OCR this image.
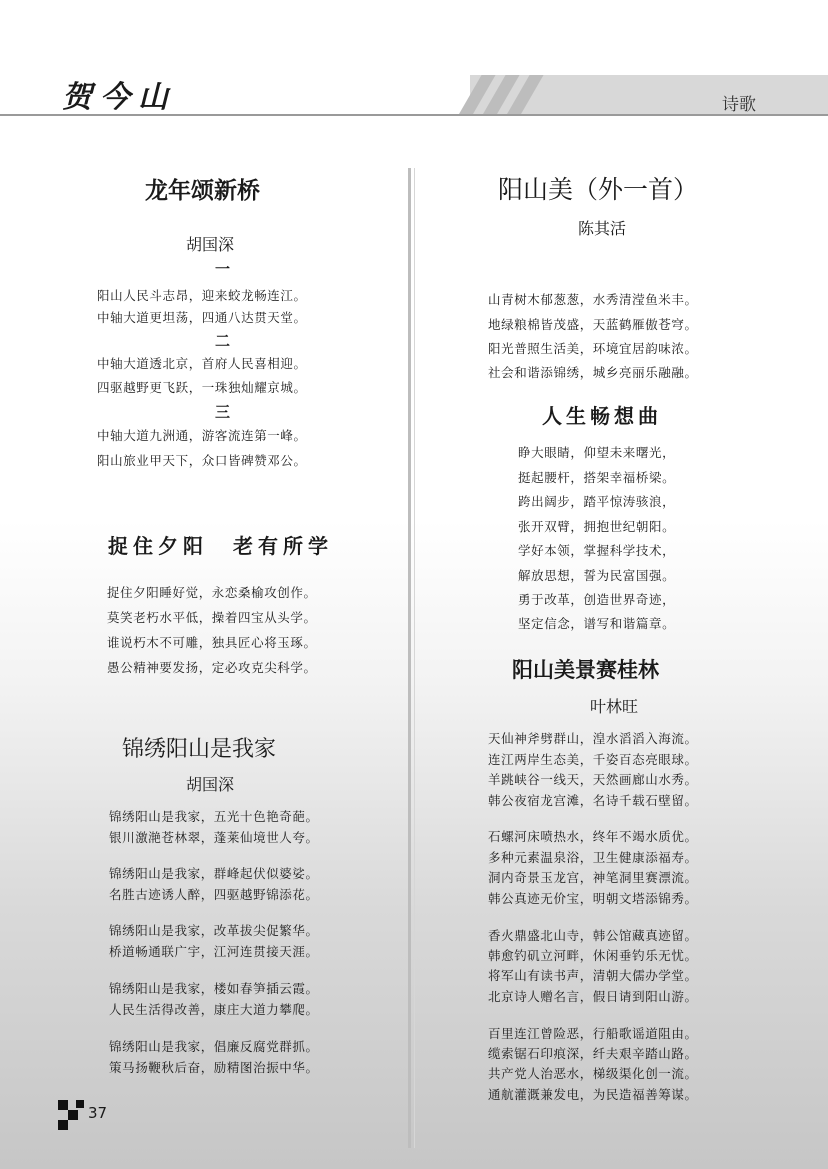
贺今山	诗歌
龙年颂新桥
胡国深
一
阳山人民斗志昂，迎来蛟龙畅连江。
中轴大道更坦荡，四通八达贯天堂。
二
中轴大道透北京，首府人民喜相迎。
四驱越野更飞跃，一珠独灿耀京城。
三
中轴大道九洲通，游客流连第一峰。
阳山旅业甲天下，众口皆碑赞邓公。
捉住夕阳　老有所学
捉住夕阳睡好觉，永恋桑榆攻创作。
莫笑老朽水平低，操着四宝从头学。
谁说朽木不可雕，独具匠心将玉琢。
愚公精神要发扬，定必攻克尖科学。
锦绣阳山是我家
胡国深
锦绣阳山是我家，五光十色艳奇葩。
银川激滟苍林翠，蓬莱仙境世人夸。
锦绣阳山是我家，群峰起伏似婆娑。
名胜古迹诱人醉，四驱越野锦添花。
锦绣阳山是我家，改革拔尖促繁华。
桥道畅通联广宇，江河连贯接天涯。
锦绣阳山是我家，楼如春笋插云霞。
人民生活得改善，康庄大道力攀爬。
锦绣阳山是我家，倡廉反腐党群抓。
策马扬鞭秋后奋，励精图治振中华。
阳山美（外一首）
陈其活
山青树木郁葱葱，水秀清滢鱼米丰。
地绿粮棉皆茂盛，天蓝鹤雁傲苍穹。
阳光普照生活美，环境宜居韵味浓。
社会和谐添锦绣，城乡亮丽乐融融。
人生畅想曲
睁大眼睛，仰望未来曙光，
挺起腰杆，搭架幸福桥梁。
跨出阔步，踏平惊涛骇浪，
张开双臂，拥抱世纪朝阳。
学好本领，掌握科学技术，
解放思想，誓为民富国强。
勇于改革，创造世界奇迹，
坚定信念，谱写和谐篇章。
阳山美景赛桂林
叶林旺
天仙神斧劈群山，湟水滔滔入海流。
连江两岸生态美，千姿百态亮眼球。
羊跳峡谷一线天，天然画廊山水秀。
韩公夜宿龙宫滩，名诗千载石壁留。
石螺河床喷热水，终年不竭水质优。
多种元素温泉浴，卫生健康添福寿。
洞内奇景玉龙宫，神笔洞里赛漂流。
韩公真迹无价宝，明朝文塔添锦秀。
香火鼎盛北山寺，韩公馆藏真迹留。
韩愈钓矶立河畔，休闲垂钓乐无忧。
将军山有读书声，清朝大儒办学堂。
北京诗人赠名言，假日请到阳山游。
百里连江曾险恶，行船歌谣道阻由。
缆索锯石印痕深，纤夫艰辛踏山路。
共产党人治恶水，梯级渠化创一流。
通航灌溉兼发电，为民造福善筹谋。
37
